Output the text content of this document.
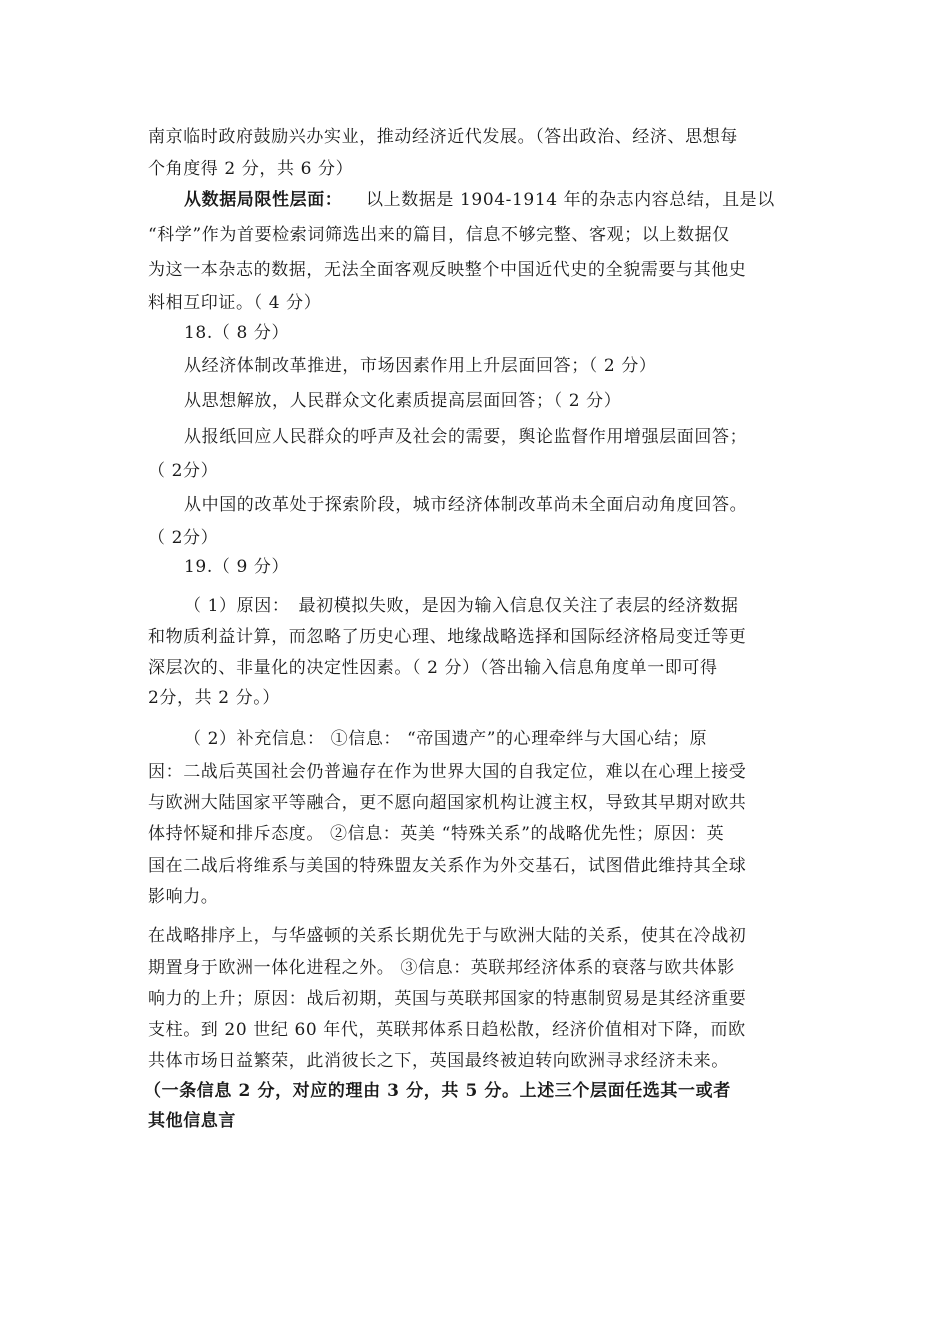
南京临时政府鼓励兴办实业，推动经济近代发展。（答出政治、经济、思想每
个角度得 2 分，共 6 分）
从数据局限性层面： 以上数据是 1904-1914 年的杂志内容总结，且是以
“科学”作为首要检索词筛选出来的篇目，信息不够完整、客观；以上数据仅
为这一本杂志的数据，无法全面客观反映整个中国近代史的全貌需要与其他史
料相互印证。（ 4 分）
18.（ 8 分）
从经济体制改革推进，市场因素作用上升层面回答；（ 2 分）
从思想解放，人民群众文化素质提高层面回答；（ 2 分）
从报纸回应人民群众的呼声及社会的需要，舆论监督作用增强层面回答；
（ 2分）
从中国的改革处于探索阶段，城市经济体制改革尚未全面启动角度回答。
（ 2分）
19.（ 9 分）
（ 1）原因：　最初模拟失败，是因为输入信息仅关注了表层的经济数据
和物质利益计算，而忽略了历史心理、地缘战略选择和国际经济格局变迁等更
深层次的、非量化的决定性因素。（ 2 分）（答出输入信息角度单一即可得
2分，共 2 分。）
（ 2）补充信息： ①信息： “帝国遗产”的心理牵绊与大国心结；原
因：二战后英国社会仍普遍存在作为世界大国的自我定位，难以在心理上接受
与欧洲大陆国家平等融合，更不愿向超国家机构让渡主权，导致其早期对欧共
体持怀疑和排斥态度。 ②信息：英美 “特殊关系”的战略优先性；原因：英
国在二战后将维系与美国的特殊盟友关系作为外交基石，试图借此维持其全球
影响力。
在战略排序上，与华盛顿的关系长期优先于与欧洲大陆的关系，使其在冷战初
期置身于欧洲一体化进程之外。 ③信息：英联邦经济体系的衰落与欧共体影
响力的上升；原因：战后初期，英国与英联邦国家的特惠制贸易是其经济重要
支柱。到 20 世纪 60 年代，英联邦体系日趋松散，经济价值相对下降，而欧
共体市场日益繁荣，此消彼长之下，英国最终被迫转向欧洲寻求经济未来。
（一条信息 2 分，对应的理由 3 分，共 5 分。上述三个层面任选其一或者
其他信息言
